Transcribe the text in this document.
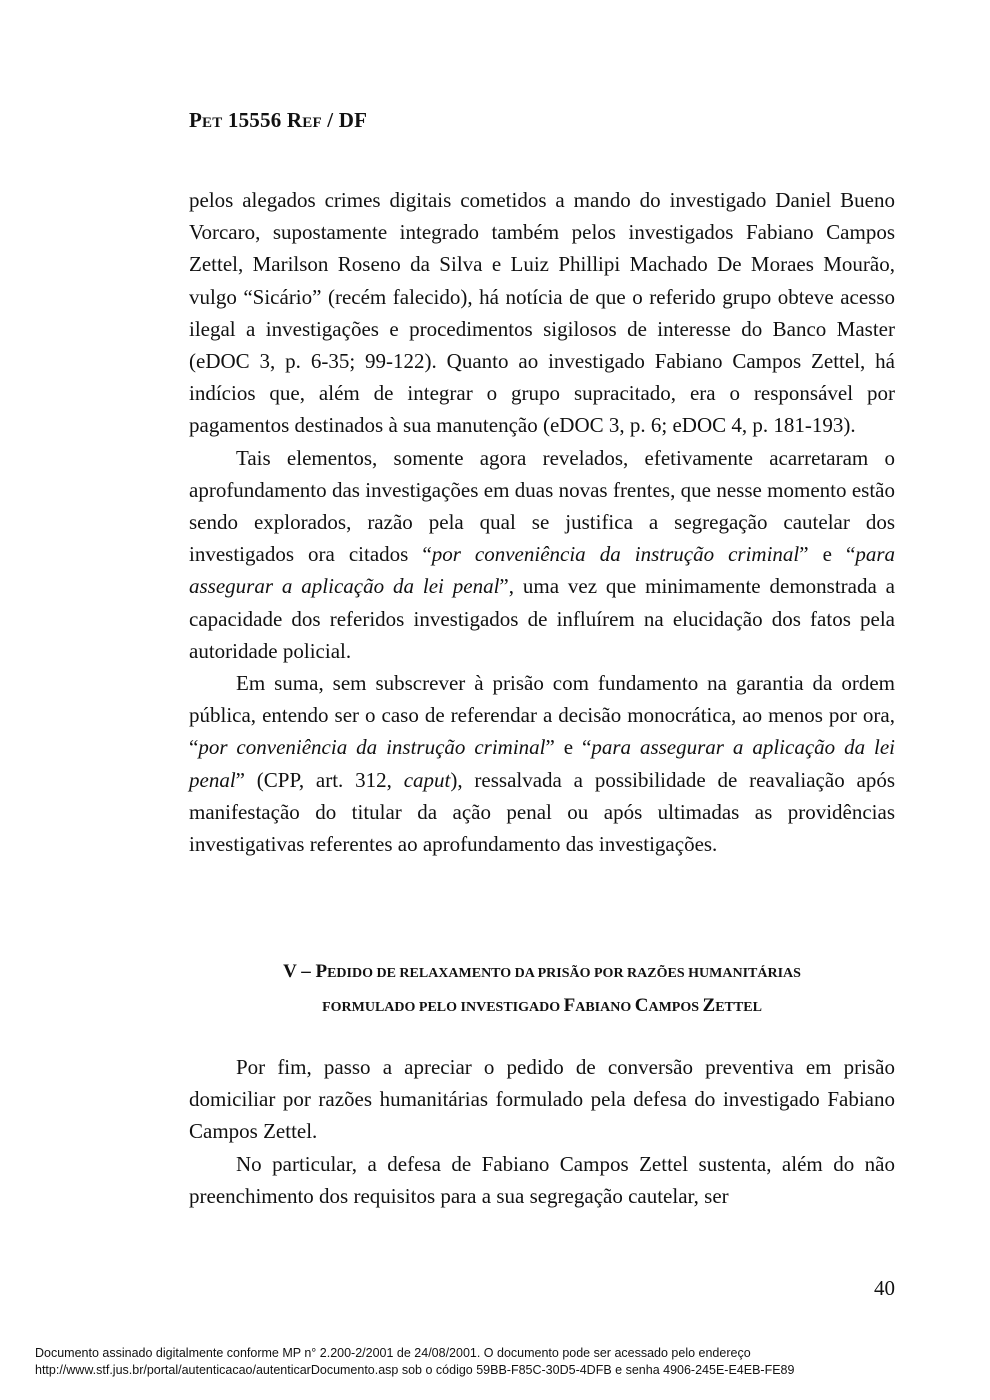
PET 15556 REF / DF

pelos alegados crimes digitais cometidos a mando do investigado Daniel Bueno Vorcaro, supostamente integrado também pelos investigados Fabiano Campos Zettel, Marilson Roseno da Silva e Luiz Phillipi Machado De Moraes Mourão, vulgo “Sicário” (recém falecido), há notícia de que o referido grupo obteve acesso ilegal a investigações e procedimentos sigilosos de interesse do Banco Master (eDOC 3, p. 6-35; 99-122). Quanto ao investigado Fabiano Campos Zettel, há indícios que, além de integrar o grupo supracitado, era o responsável por pagamentos destinados à sua manutenção (eDOC 3, p. 6; eDOC 4, p. 181-193).

Tais elementos, somente agora revelados, efetivamente acarretaram o aprofundamento das investigações em duas novas frentes, que nesse momento estão sendo explorados, razão pela qual se justifica a segregação cautelar dos investigados ora citados “por conveniência da instrução criminal” e “para assegurar a aplicação da lei penal”, uma vez que minimamente demonstrada a capacidade dos referidos investigados de influírem na elucidação dos fatos pela autoridade policial.

Em suma, sem subscrever à prisão com fundamento na garantia da ordem pública, entendo ser o caso de referendar a decisão monocrática, ao menos por ora, “por conveniência da instrução criminal” e “para assegurar a aplicação da lei penal” (CPP, art. 312, caput), ressalvada a possibilidade de reavaliação após manifestação do titular da ação penal ou após ultimadas as providências investigativas referentes ao aprofundamento das investigações.

V – PEDIDO DE RELAXAMENTO DA PRISÃO POR RAZÕES HUMANITÁRIAS
FORMULADO PELO INVESTIGADO FABIANO CAMPOS ZETTEL

Por fim, passo a apreciar o pedido de conversão preventiva em prisão domiciliar por razões humanitárias formulado pela defesa do investigado Fabiano Campos Zettel.

No particular, a defesa de Fabiano Campos Zettel sustenta, além do não preenchimento dos requisitos para a sua segregação cautelar, ser

40
Documento assinado digitalmente conforme MP n° 2.200-2/2001 de 24/08/2001. O documento pode ser acessado pelo endereço
http://www.stf.jus.br/portal/autenticacao/autenticarDocumento.asp sob o código 59BB-F85C-30D5-4DFB e senha 4906-245E-E4EB-FE89
